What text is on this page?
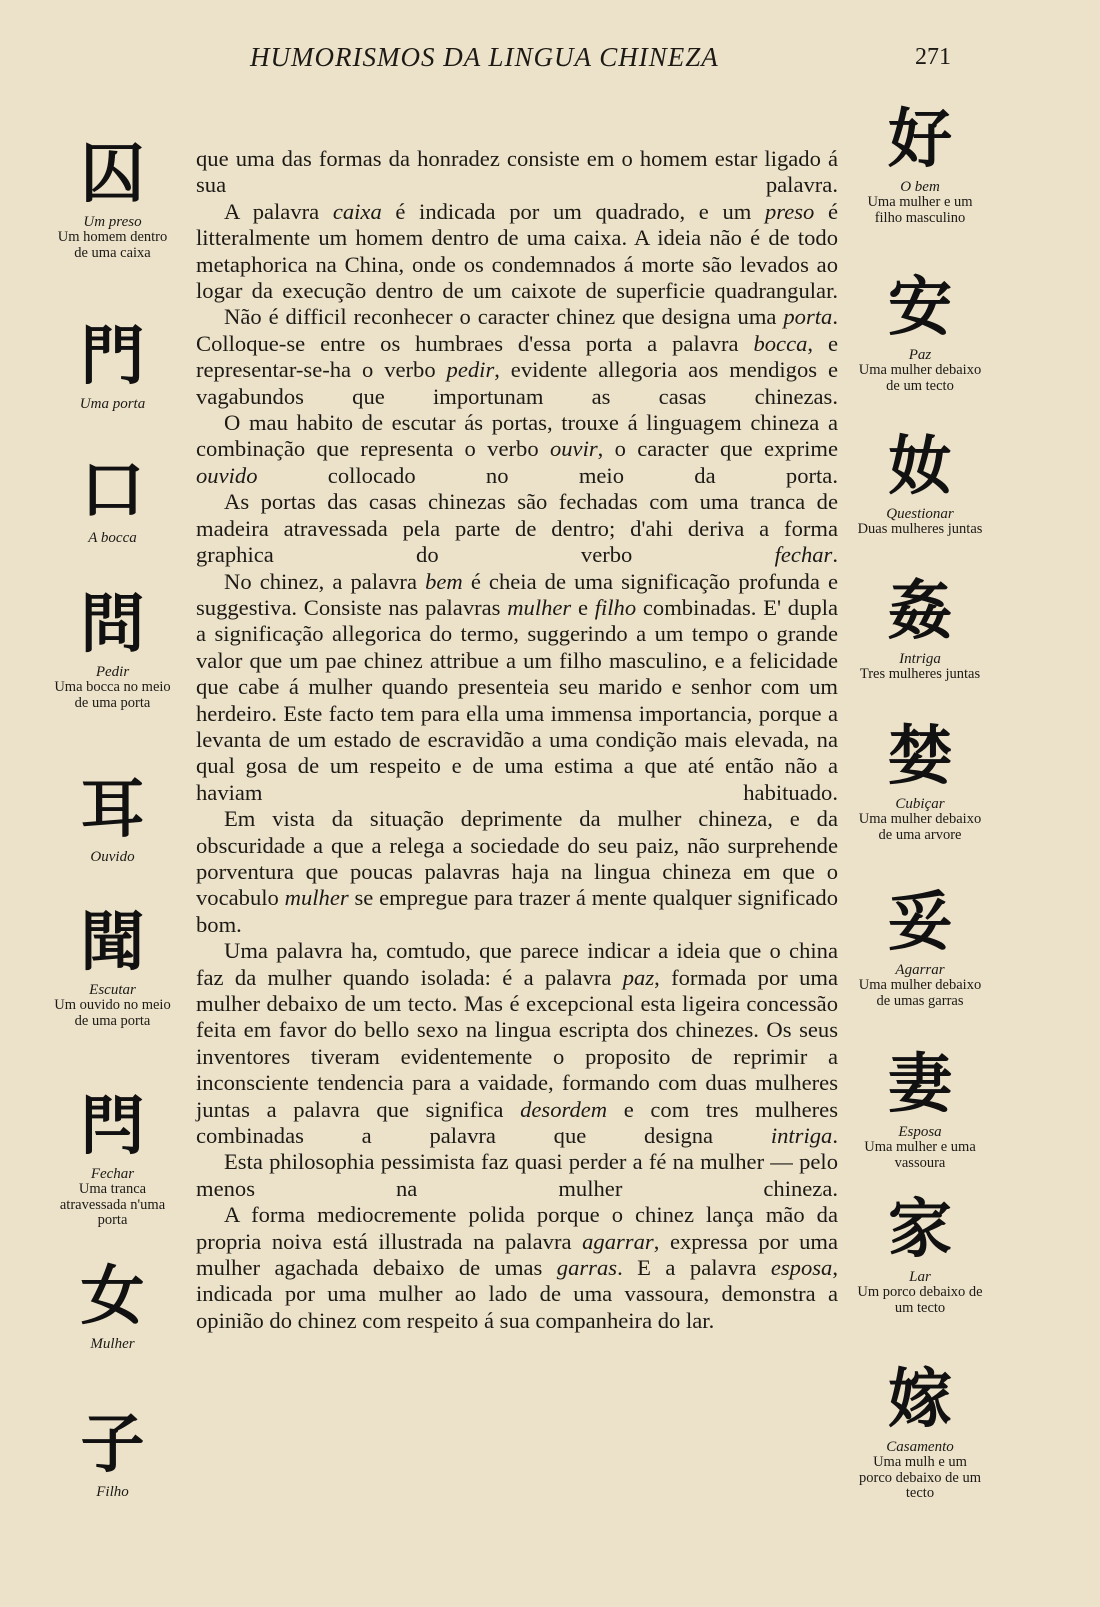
HUMORISMOS DA LINGUA CHINEZA	271
囚
Um preso
Um homem dentro de uma caixa
門
Uma porta
口
A bocca
問
Pedir
Uma bocca no meio de uma porta
耳
Ouvido
聞
Escutar
Um ouvido no meio de uma porta
閂
Fechar
Uma tranca atravessada n'uma porta
女
Mulher
子
Filho

que uma das formas da honradez consiste em o homem estar ligado á sua palavra.

A palavra caixa é indicada por um quadrado, e um preso é litteralmente um homem dentro de uma caixa. A ideia não é de todo metaphorica na China, onde os condemnados á morte são levados ao logar da execução dentro de um caixote de superficie quadrangular.

Não é difficil reconhecer o caracter chinez que designa uma porta. Colloque-se entre os humbraes d'essa porta a palavra bocca, e representar-se-ha o verbo pedir, evidente allegoria aos mendigos e vagabundos que importunam as casas chinezas.

O mau habito de escutar ás portas, trouxe á linguagem chineza a combinação que representa o verbo ouvir, o caracter que exprime ouvido collocado no meio da porta.

As portas das casas chinezas são fechadas com uma tranca de madeira atravessada pela parte de dentro; d'ahi deriva a forma graphica do verbo fechar.

No chinez, a palavra bem é cheia de uma significação profunda e suggestiva. Consiste nas palavras mulher e filho combinadas. E' dupla a significação allegorica do termo, suggerindo a um tempo o grande valor que um pae chinez attribue a um filho masculino, e a felicidade que cabe á mulher quando presenteia seu marido e senhor com um herdeiro. Este facto tem para ella uma immensa importancia, porque a levanta de um estado de escravidão a uma condição mais elevada, na qual gosa de um respeito e de uma estima a que até então não a haviam habituado.

Em vista da situação deprimente da mulher chineza, e da obscuridade a que a relega a sociedade do seu paiz, não surprehende porventura que poucas palavras haja na lingua chineza em que o vocabulo mulher se empregue para trazer á mente qualquer significado bom.

Uma palavra ha, comtudo, que parece indicar a ideia que o china faz da mulher quando isolada: é a palavra paz, formada por uma mulher debaixo de um tecto. Mas é excepcional esta ligeira concessão feita em favor do bello sexo na lingua escripta dos chinezes. Os seus inventores tiveram evidentemente o proposito de reprimir a inconsciente tendencia para a vaidade, formando com duas mulheres juntas a palavra que significa desordem e com tres mulheres combinadas a palavra que designa intriga.

Esta philosophia pessimista faz quasi perder a fé na mulher — pelo menos na mulher chineza.

A forma mediocremente polida porque o chinez lança mão da propria noiva está illustrada na palavra agarrar, expressa por uma mulher agachada debaixo de umas garras. E a palavra esposa, indicada por uma mulher ao lado de uma vassoura, demonstra a opinião do chinez com respeito á sua companheira do lar.

好
O bem
Uma mulher e um filho masculino
安
Paz
Uma mulher debaixo de um tecto
奻
Questionar
Duas mulheres juntas
姦
Intriga
Tres mulheres juntas
婪
Cubiçar
Uma mulher debaixo de uma arvore
妥
Agarrar
Uma mulher debaixo de umas garras
妻
Esposa
Uma mulher e uma vassoura
家
Lar
Um porco debaixo de um tecto
嫁
Casamento
Uma mulh e um porco debaixo de um tecto
